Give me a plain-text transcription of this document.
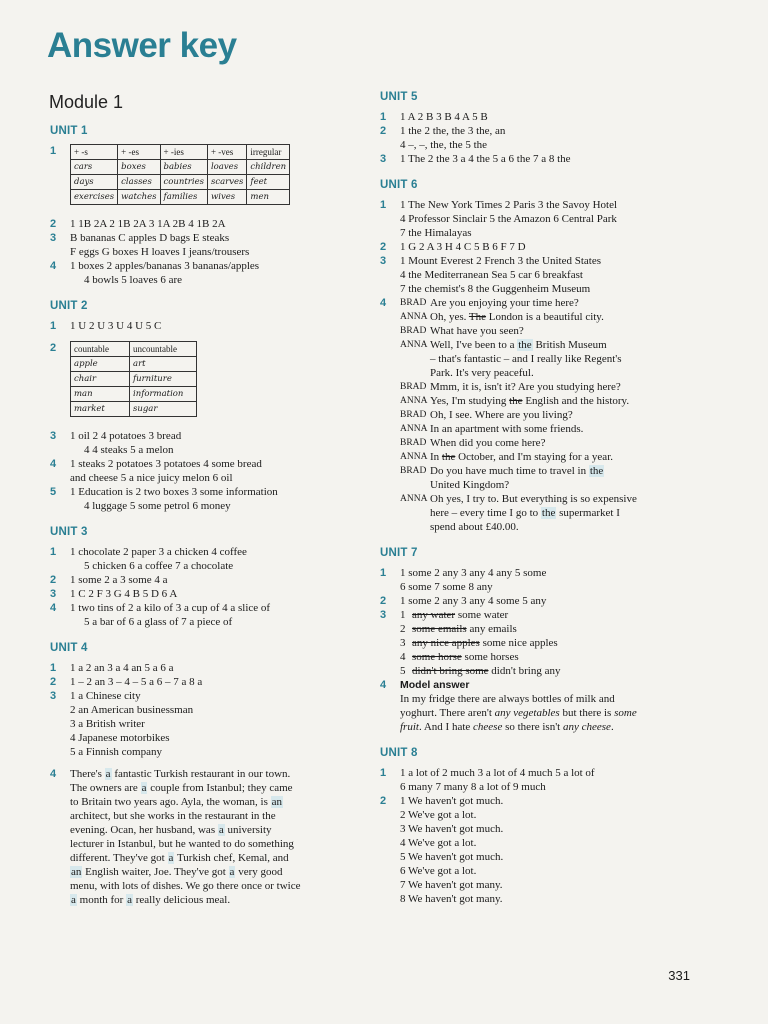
Answer key
Module 1
UNIT 1
1 + -s	+ -es	+ -ies	+ -ves	irregular
cars	boxes	babies	loaves	children
days	classes	countries	scarves	feet
exercises	watches	families	wives	men
2 1 1B 2A 2 1B 2A 3 1A 2B 4 1B 2A
3 B bananas C apples D bags E steaks
F eggs G boxes H loaves I jeans/trousers
4 1 boxes 2 apples/bananas 3 bananas/apples
4 bowls 5 loaves 6 are
UNIT 2
1 1 U 2 U 3 U 4 U 5 C
2 countable	uncountable
apple	art
chair	furniture
man	information
market	sugar
3 1 oil 2 4 potatoes 3 bread
4 4 steaks 5 a melon
4 1 steaks 2 potatoes 3 potatoes 4 some bread
and cheese 5 a nice juicy melon 6 oil
5 1 Education is 2 two boxes 3 some information
4 luggage 5 some petrol 6 money
UNIT 3
1 1 chocolate 2 paper 3 a chicken 4 coffee
5 chicken 6 a coffee 7 a chocolate
2 1 some 2 a 3 some 4 a
3 1 C 2 F 3 G 4 B 5 D 6 A
4 1 two tins of 2 a kilo of 3 a cup of 4 a slice of
5 a bar of 6 a glass of 7 a piece of
UNIT 4
1 1 a 2 an 3 a 4 an 5 a 6 a
2 1 – 2 an 3 – 4 – 5 a 6 – 7 a 8 a
3 1 a Chinese city
2 an American businessman
3 a British writer
4 Japanese motorbikes
5 a Finnish company
4 There's a fantastic Turkish restaurant in our town.
The owners are a couple from Istanbul; they came
to Britain two years ago. Ayla, the woman, is an
architect, but she works in the restaurant in the
evening. Ocan, her husband, was a university
lecturer in Istanbul, but he wanted to do something
different. They've got a Turkish chef, Kemal, and
an English waiter, Joe. They've got a very good
menu, with lots of dishes. We go there once or twice
a month for a really delicious meal.
UNIT 5
1 1 A 2 B 3 B 4 A 5 B
2 1 the 2 the, the 3 the, an
4 –, –, the, the 5 the
3 1 The 2 the 3 a 4 the 5 a 6 the 7 a 8 the
UNIT 6
1 1 The New York Times 2 Paris 3 the Savoy Hotel
4 Professor Sinclair 5 the Amazon 6 Central Park
7 the Himalayas
2 1 G 2 A 3 H 4 C 5 B 6 F 7 D
3 1 Mount Everest 2 French 3 the United States
4 the Mediterranean Sea 5 car 6 breakfast
7 the chemist's 8 the Guggenheim Museum
4 BRAD Are you enjoying your time here?
ANNA Oh, yes. The London is a beautiful city.
BRAD What have you seen?
ANNA Well, I've been to a the British Museum
– that's fantastic – and I really like Regent's
Park. It's very peaceful.
BRAD Mmm, it is, isn't it? Are you studying here?
ANNA Yes, I'm studying the English and the history.
BRAD Oh, I see. Where are you living?
ANNA In an apartment with some friends.
BRAD When did you come here?
ANNA In the October, and I'm staying for a year.
BRAD Do you have much time to travel in the
United Kingdom?
ANNA Oh yes, I try to. But everything is so expensive
here – every time I go to the supermarket I
spend about £40.00.
UNIT 7
1 1 some 2 any 3 any 4 any 5 some
6 some 7 some 8 any
2 1 some 2 any 3 any 4 some 5 any
3 1 any water some water
2 some emails any emails
3 any nice apples some nice apples
4 some horse some horses
5 didn't bring some didn't bring any
4 Model answer
In my fridge there are always bottles of milk and
yoghurt. There aren't any vegetables but there is some
fruit. And I hate cheese so there isn't any cheese.
UNIT 8
1 1 a lot of 2 much 3 a lot of 4 much 5 a lot of
6 many 7 many 8 a lot of 9 much
2 1 We haven't got much.
2 We've got a lot.
3 We haven't got much.
4 We've got a lot.
5 We haven't got much.
6 We've got a lot.
7 We haven't got many.
8 We haven't got many.
331
